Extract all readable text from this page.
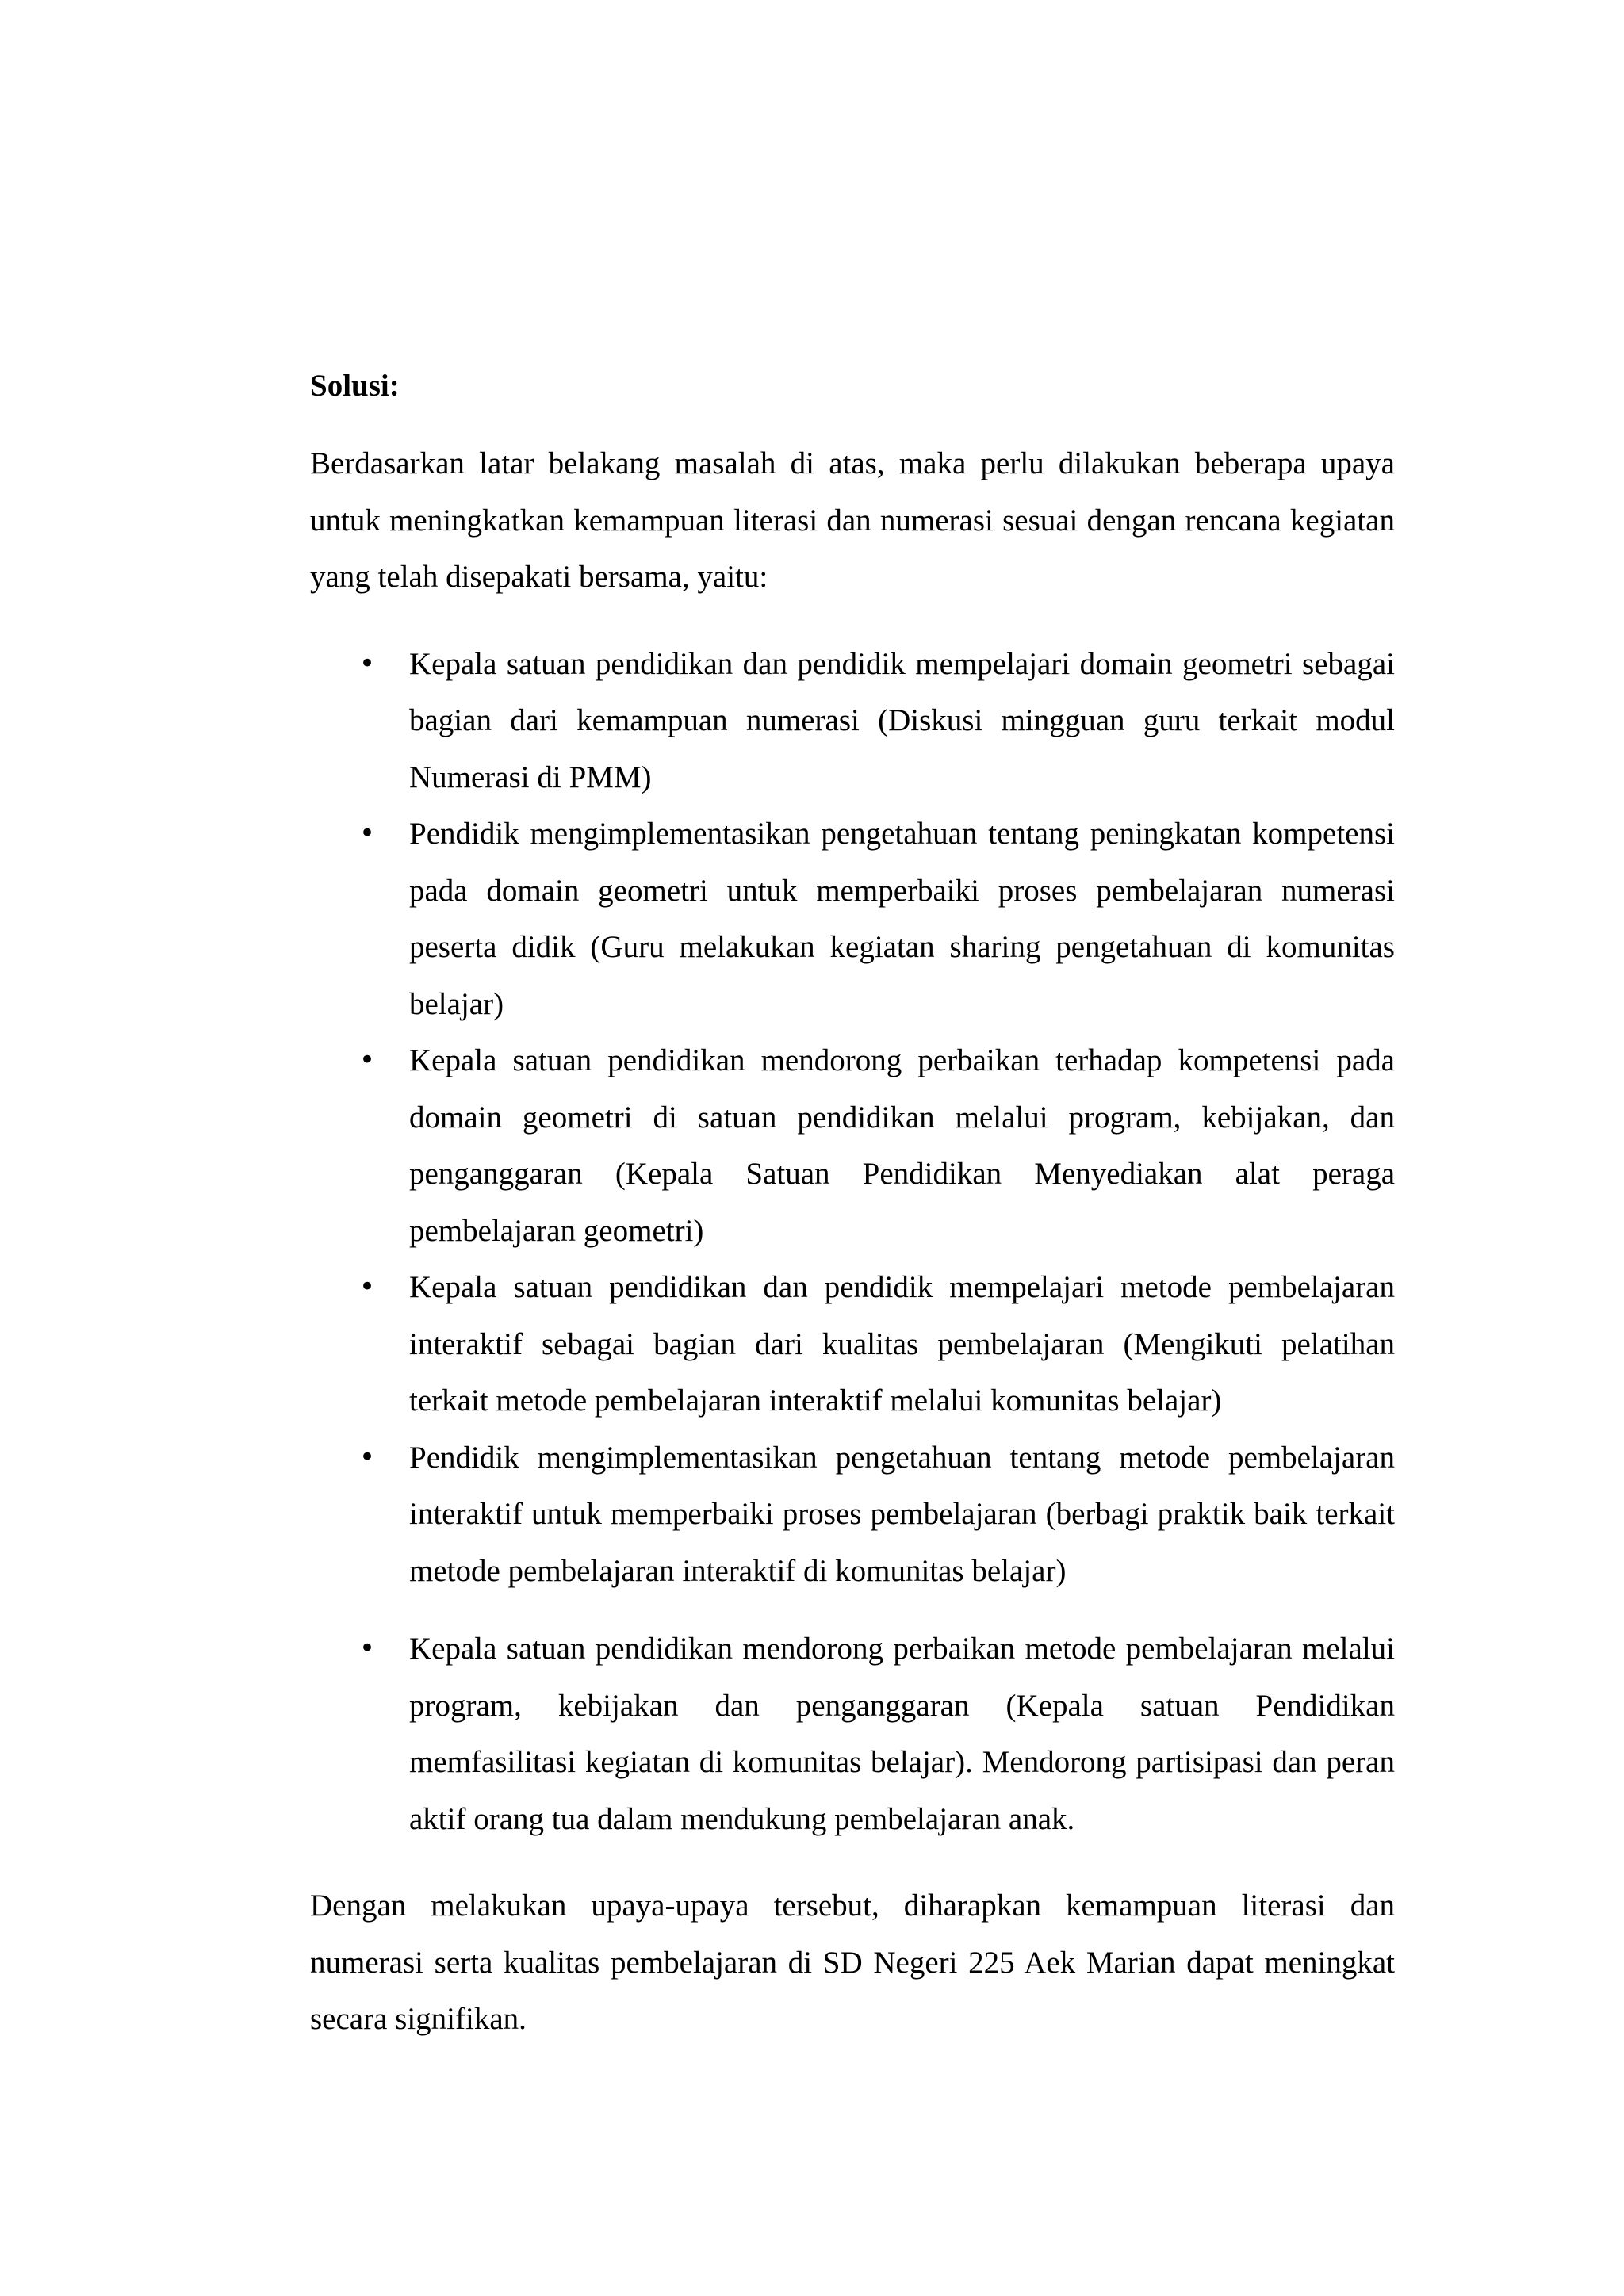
Solusi:

Berdasarkan latar belakang masalah di atas, maka perlu dilakukan beberapa upaya untuk meningkatkan kemampuan literasi dan numerasi sesuai dengan rencana kegiatan yang telah disepakati bersama, yaitu:

• Kepala satuan pendidikan dan pendidik mempelajari domain geometri sebagai bagian dari kemampuan numerasi (Diskusi mingguan guru terkait modul Numerasi di PMM)
• Pendidik mengimplementasikan pengetahuan tentang peningkatan kompetensi pada domain geometri untuk memperbaiki proses pembelajaran numerasi peserta didik (Guru melakukan kegiatan sharing pengetahuan di komunitas belajar)
• Kepala satuan pendidikan mendorong perbaikan terhadap kompetensi pada domain geometri di satuan pendidikan melalui program, kebijakan, dan penganggaran (Kepala Satuan Pendidikan Menyediakan alat peraga pembelajaran geometri)
• Kepala satuan pendidikan dan pendidik mempelajari metode pembelajaran interaktif sebagai bagian dari kualitas pembelajaran (Mengikuti pelatihan terkait metode pembelajaran interaktif melalui komunitas belajar)
• Pendidik mengimplementasikan pengetahuan tentang metode pembelajaran interaktif untuk memperbaiki proses pembelajaran (berbagi praktik baik terkait metode pembelajaran interaktif di komunitas belajar)
• Kepala satuan pendidikan mendorong perbaikan metode pembelajaran melalui program, kebijakan dan penganggaran (Kepala satuan Pendidikan memfasilitasi kegiatan di komunitas belajar). Mendorong partisipasi dan peran aktif orang tua dalam mendukung pembelajaran anak.

Dengan melakukan upaya-upaya tersebut, diharapkan kemampuan literasi dan numerasi serta kualitas pembelajaran di SD Negeri 225 Aek Marian dapat meningkat secara signifikan.
